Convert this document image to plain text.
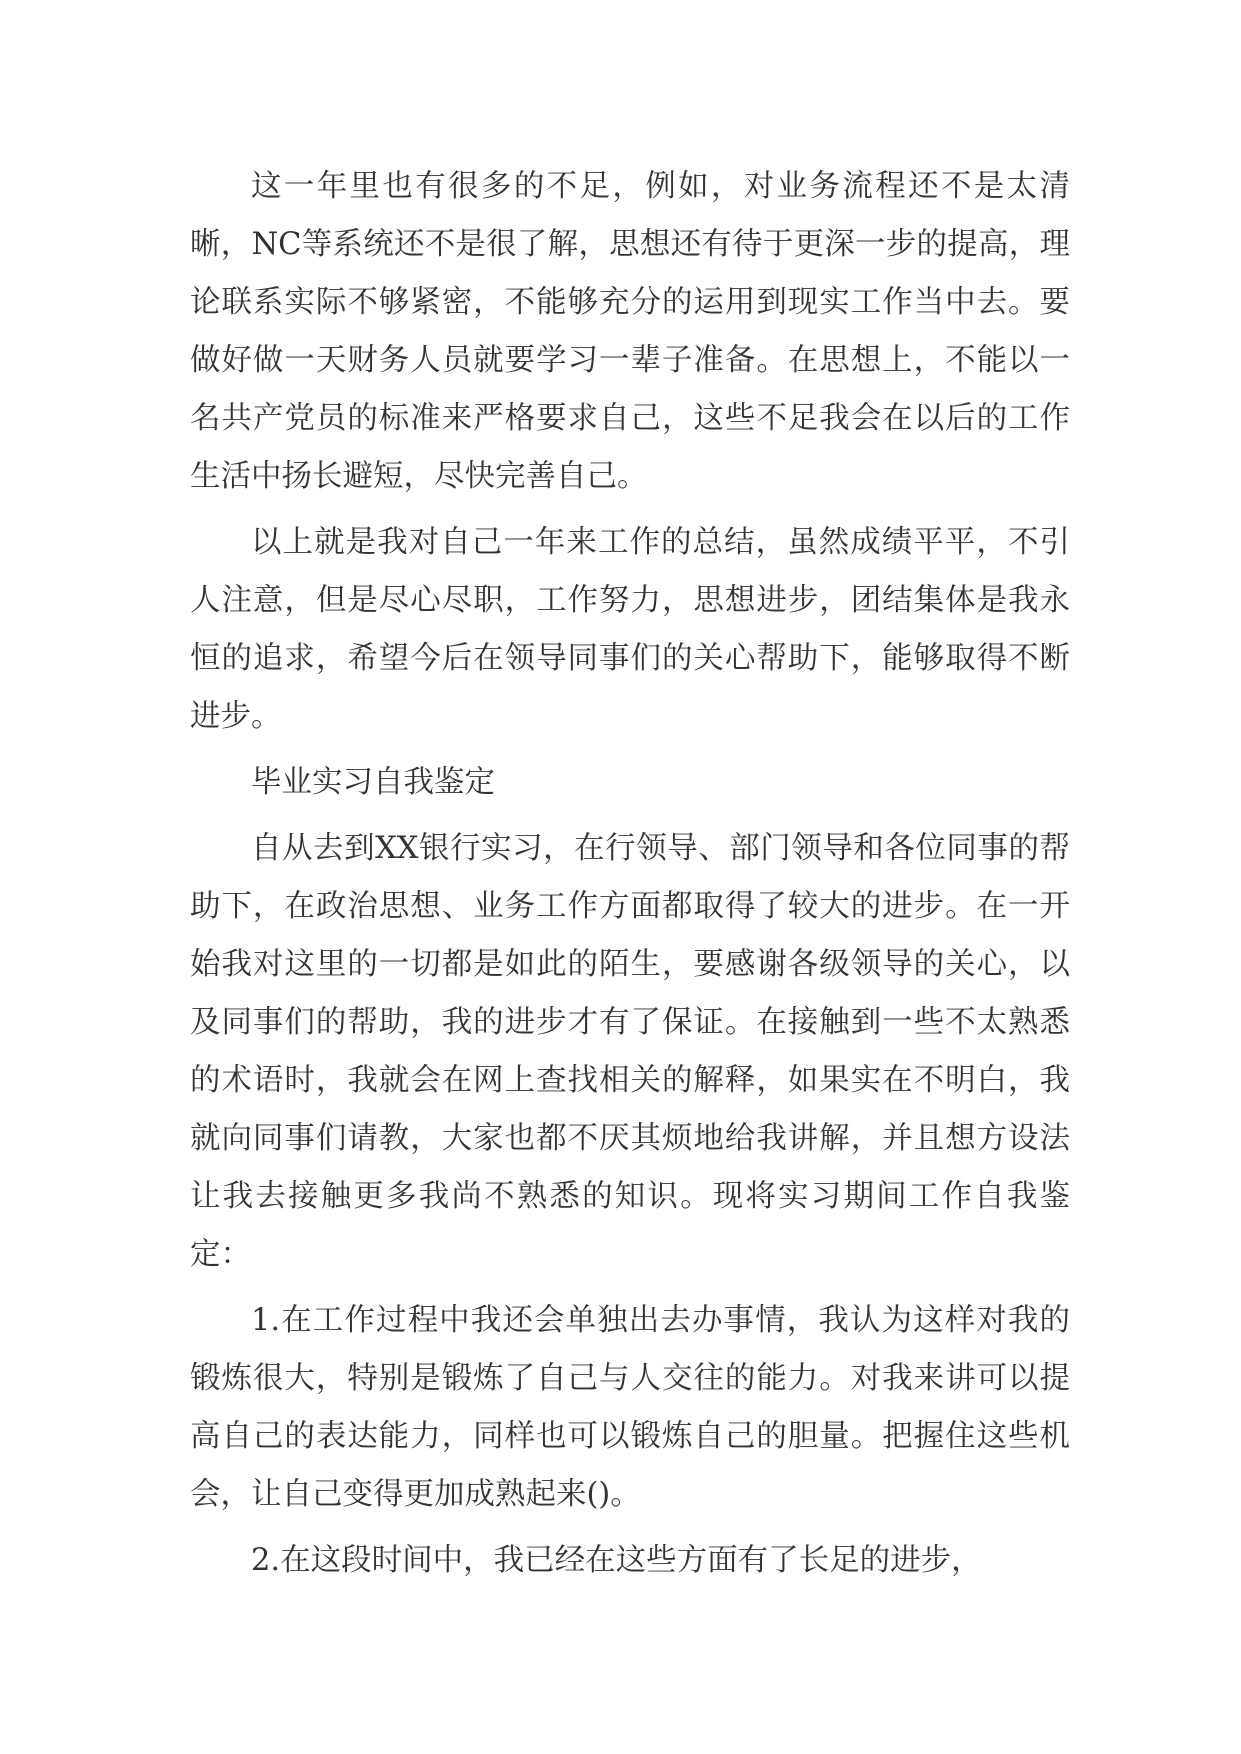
这一年里也有很多的不足，例如，对业务流程还不是太清晰，NC等系统还不是很了解，思想还有待于更深一步的提高，理论联系实际不够紧密，不能够充分的运用到现实工作当中去。要做好做一天财务人员就要学习一辈子准备。在思想上，不能以一名共产党员的标准来严格要求自己，这些不足我会在以后的工作生活中扬长避短，尽快完善自己。

以上就是我对自己一年来工作的总结，虽然成绩平平，不引人注意，但是尽心尽职，工作努力，思想进步，团结集体是我永恒的追求，希望今后在领导同事们的关心帮助下，能够取得不断进步。

毕业实习自我鉴定

自从去到XX银行实习，在行领导、部门领导和各位同事的帮助下，在政治思想、业务工作方面都取得了较大的进步。在一开始我对这里的一切都是如此的陌生，要感谢各级领导的关心，以及同事们的帮助，我的进步才有了保证。在接触到一些不太熟悉的术语时，我就会在网上查找相关的解释，如果实在不明白，我就向同事们请教，大家也都不厌其烦地给我讲解，并且想方设法让我去接触更多我尚不熟悉的知识。现将实习期间工作自我鉴定：

1.在工作过程中我还会单独出去办事情，我认为这样对我的锻炼很大，特别是锻炼了自己与人交往的能力。对我来讲可以提高自己的表达能力，同样也可以锻炼自己的胆量。把握住这些机会，让自己变得更加成熟起来()。

2.在这段时间中，我已经在这些方面有了长足的进步，
